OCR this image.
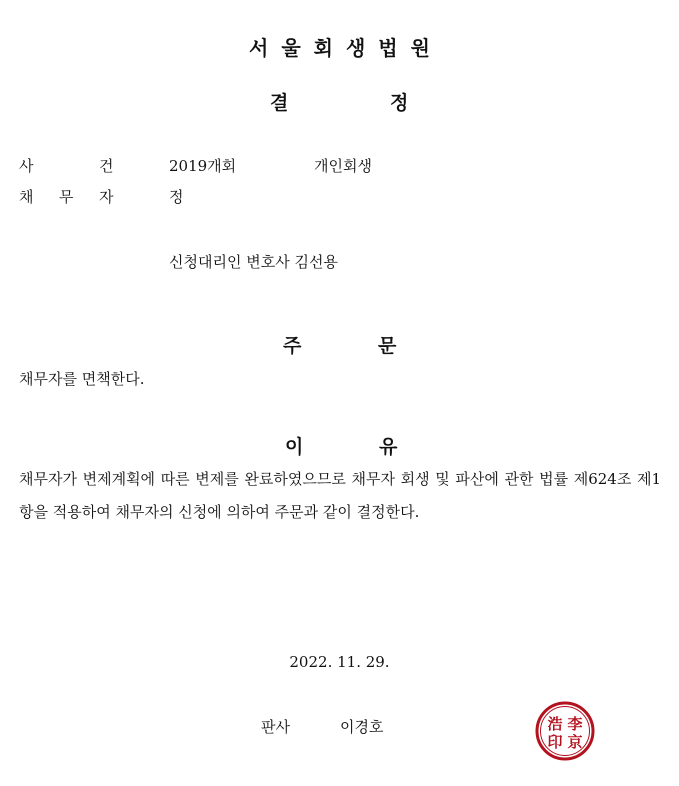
서울회생법원
결	정
사	건	2019개회	개인회생
채 무 자	정
신청대리인 변호사 김선용
주	문
채무자를 면책한다.
이	유
채무자가 변제계획에 따른 변제를 완료하였으므로 채무자 회생 및 파산에 관한 법률 제624조 제1항을 적용하여 채무자의 신청에 의하여 주문과 같이 결정한다.
2022. 11. 29.
판사	이경호	浩 李
印 京
